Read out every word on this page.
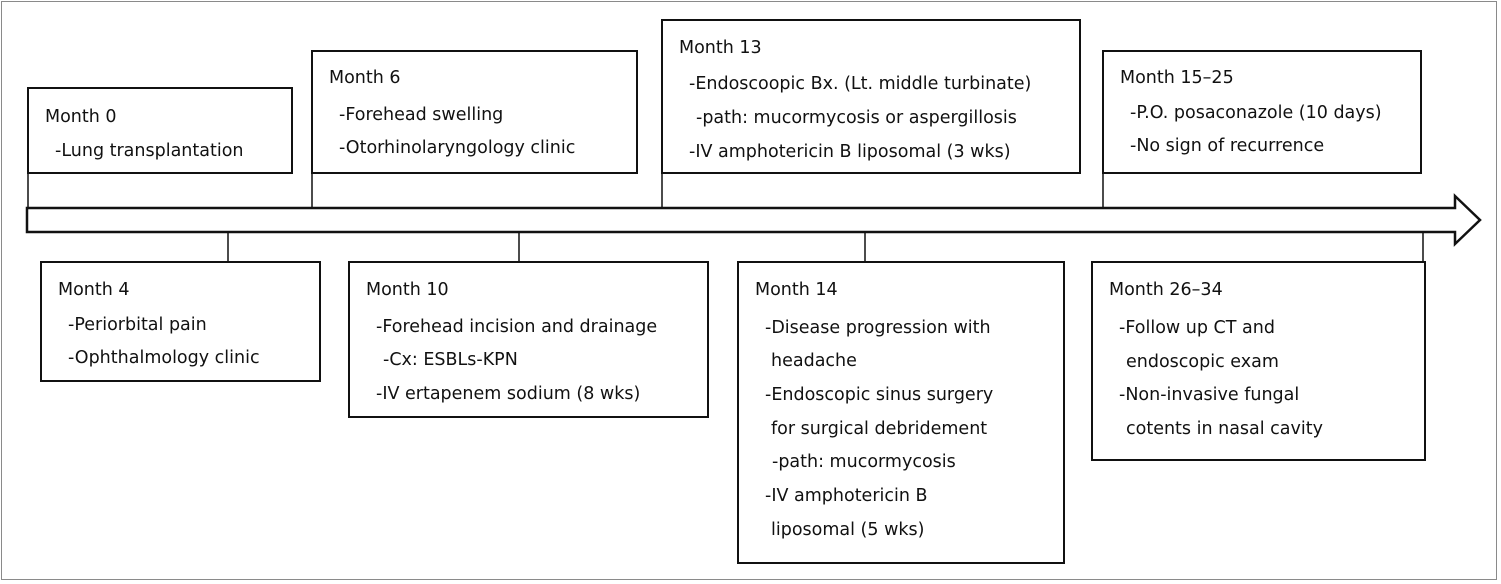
Month 0
-Lung transplantation
Month 6
-Forehead swelling
-Otorhinolaryngology clinic
Month 13
-Endoscoopic Bx. (Lt. middle turbinate)
-path: mucormycosis or aspergillosis
-IV amphotericin B liposomal (3 wks)
Month 15–25
-P.O. posaconazole (10 days)
-No sign of recurrence
Month 4
-Periorbital pain
-Ophthalmology clinic
Month 10
-Forehead incision and drainage
-Cx: ESBLs-KPN
-IV ertapenem sodium (8 wks)
Month 14
-Disease progression with
headache
-Endoscopic sinus surgery
for surgical debridement
-path: mucormycosis
-IV amphotericin B
liposomal (5 wks)
Month 26–34
-Follow up CT and
endoscopic exam
-Non-invasive fungal
cotents in nasal cavity
